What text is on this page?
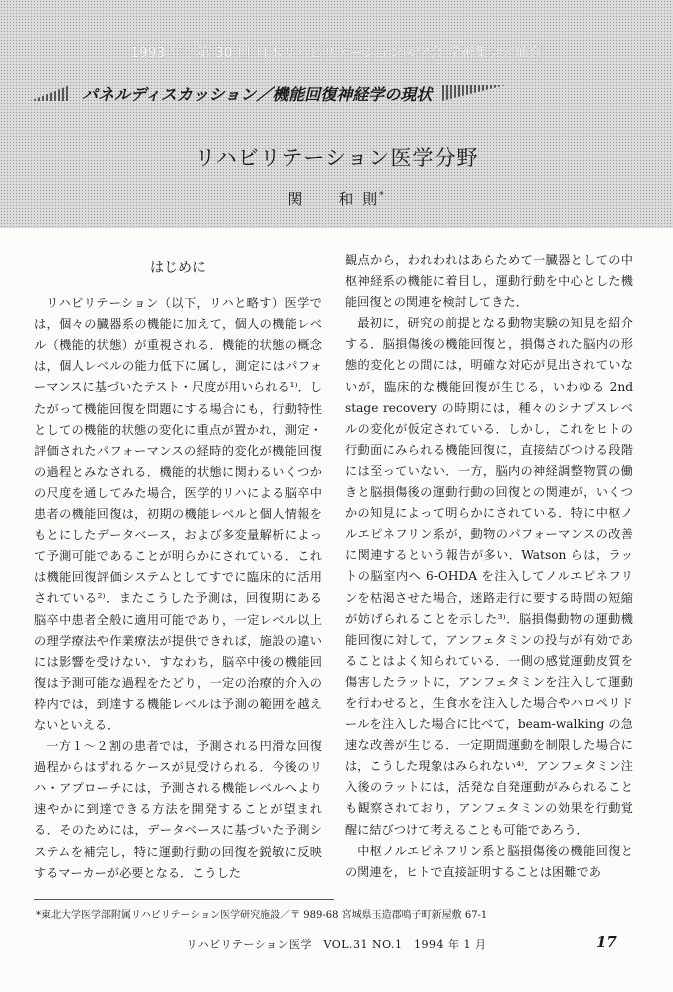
1993 年／第 30 回 日本リハビリテーション医学会 学術集会／仙台
パネルディスカッション／機能回復神経学の現状
リハビリテーション医学分野
関　　和 則*
はじめに

リハビリテーション（以下，リハと略す）医学では，個々の臓器系の機能に加えて，個人の機能レベル（機能的状態）が重視される．機能的状態の概念は，個人レベルの能力低下に属し，測定にはパフォーマンスに基づいたテスト・尺度が用いられる¹⁾．したがって機能回復を問題にする場合にも，行動特性としての機能的状態の変化に重点が置かれ，測定・評価されたパフォーマンスの経時的変化が機能回復の過程とみなされる．機能的状態に関わるいくつかの尺度を通してみた場合，医学的リハによる脳卒中患者の機能回復は，初期の機能レベルと個人情報をもとにしたデータベース，および多変量解析によって予測可能であることが明らかにされている．これは機能回復評価システムとしてすでに臨床的に活用されている²⁾．またこうした予測は，回復期にある脳卒中患者全般に適用可能であり，一定レベル以上の理学療法や作業療法が提供できれば，施設の違いには影響を受けない．すなわち，脳卒中後の機能回復は予測可能な過程をたどり，一定の治療的介入の枠内では，到達する機能レベルは予測の範囲を越えないといえる．

一方１～２割の患者では，予測される円滑な回復過程からはずれるケースが見受けられる．今後のリハ・アプローチには，予測される機能レベルへより速やかに到達できる方法を開発することが望まれる．そのためには，データベースに基づいた予測システムを補完し，特に運動行動の回復を鋭敏に反映するマーカーが必要となる．こうした

観点から，われわれはあらためて一臓器としての中枢神経系の機能に着目し，運動行動を中心とした機能回復との関連を検討してきた．

最初に，研究の前提となる動物実験の知見を紹介する．脳損傷後の機能回復と，損傷された脳内の形態的変化との間には，明確な対応が見出されていないが，臨床的な機能回復が生じる，いわゆる 2nd stage recovery の時期には，種々のシナプスレベルの変化が仮定されている．しかし，これをヒトの行動面にみられる機能回復に，直接結びつける段階には至っていない．一方，脳内の神経調整物質の働きと脳損傷後の運動行動の回復との関連が，いくつかの知見によって明らかにされている．特に中枢ノルエピネフリン系が，動物のパフォーマンスの改善に関連するという報告が多い．Watson らは，ラットの脳室内へ 6-OHDA を注入してノルエピネフリンを枯渇させた場合，迷路走行に要する時間の短縮が妨げられることを示した³⁾．脳損傷動物の運動機能回復に対して，アンフェタミンの投与が有効であることはよく知られている．一側の感覚運動皮質を傷害したラットに，アンフェタミンを注入して運動を行わせると，生食水を注入した場合やハロペリドールを注入した場合に比べて，beam-walking の急速な改善が生じる．一定期間運動を制限した場合には，こうした現象はみられない⁴⁾．アンフェタミン注入後のラットには，活発な自発運動がみられることも観察されており，アンフェタミンの効果を行動覚醒に結びつけて考えることも可能であろう．

中枢ノルエピネフリン系と脳損傷後の機能回復との関連を，ヒトで直接証明することは困難であ

*東北大学医学部附属リハビリテーション医学研究施設／〒 989-68 宮城県玉造郡鳴子町新屋敷 67-1
リハビリテーション医学　VOL.31 NO.1　1994 年 1 月	17
